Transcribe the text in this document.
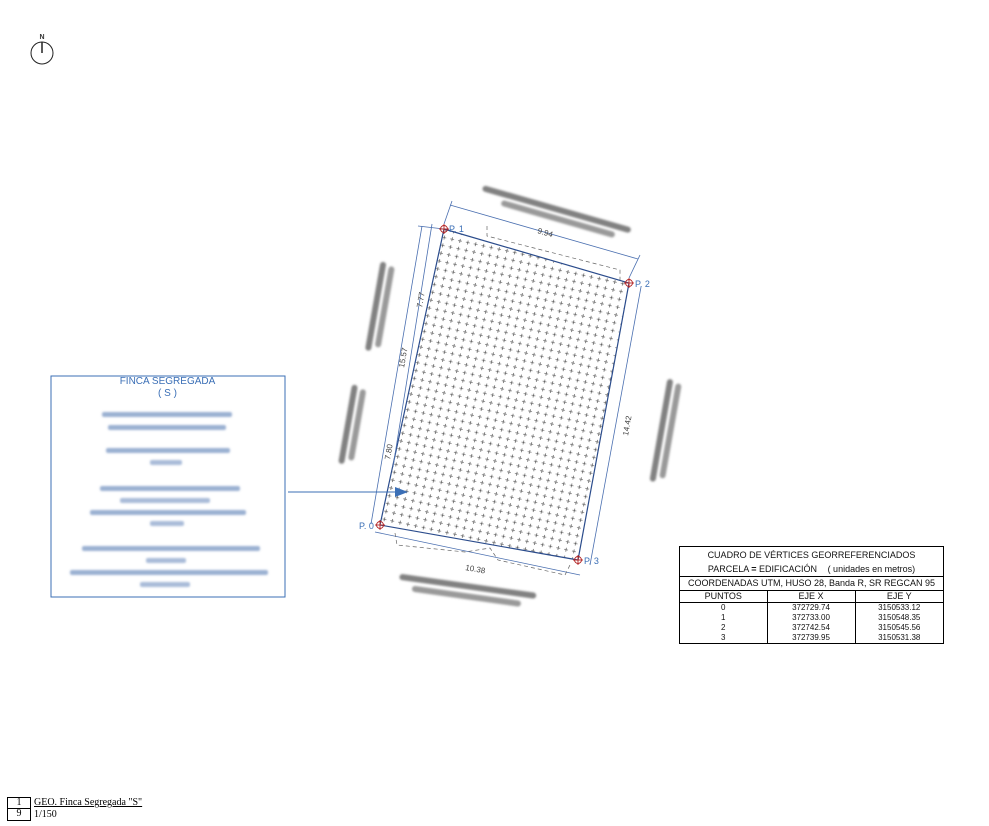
N
9.94
14.42
10.38
15.57
7.77
7.80
P. 0
P. 1
P. 2
P. 3
FINCA SEGREGADA
( S )
CUADRO DE VÉRTICES GEORREFERENCIADOS
PARCELA = EDIFICACIÓN ( unidades en metros)
COORDENADAS UTM, HUSO 28, Banda R, SR REGCAN 95
PUNTOS	EJE X	EJE Y
0	372729.74	3150533.12
1	372733.00	3150548.35
2	372742.54	3150545.56
3	372739.95	3150531.38
1	GEO. Finca Segregada "S"
9	1/150
